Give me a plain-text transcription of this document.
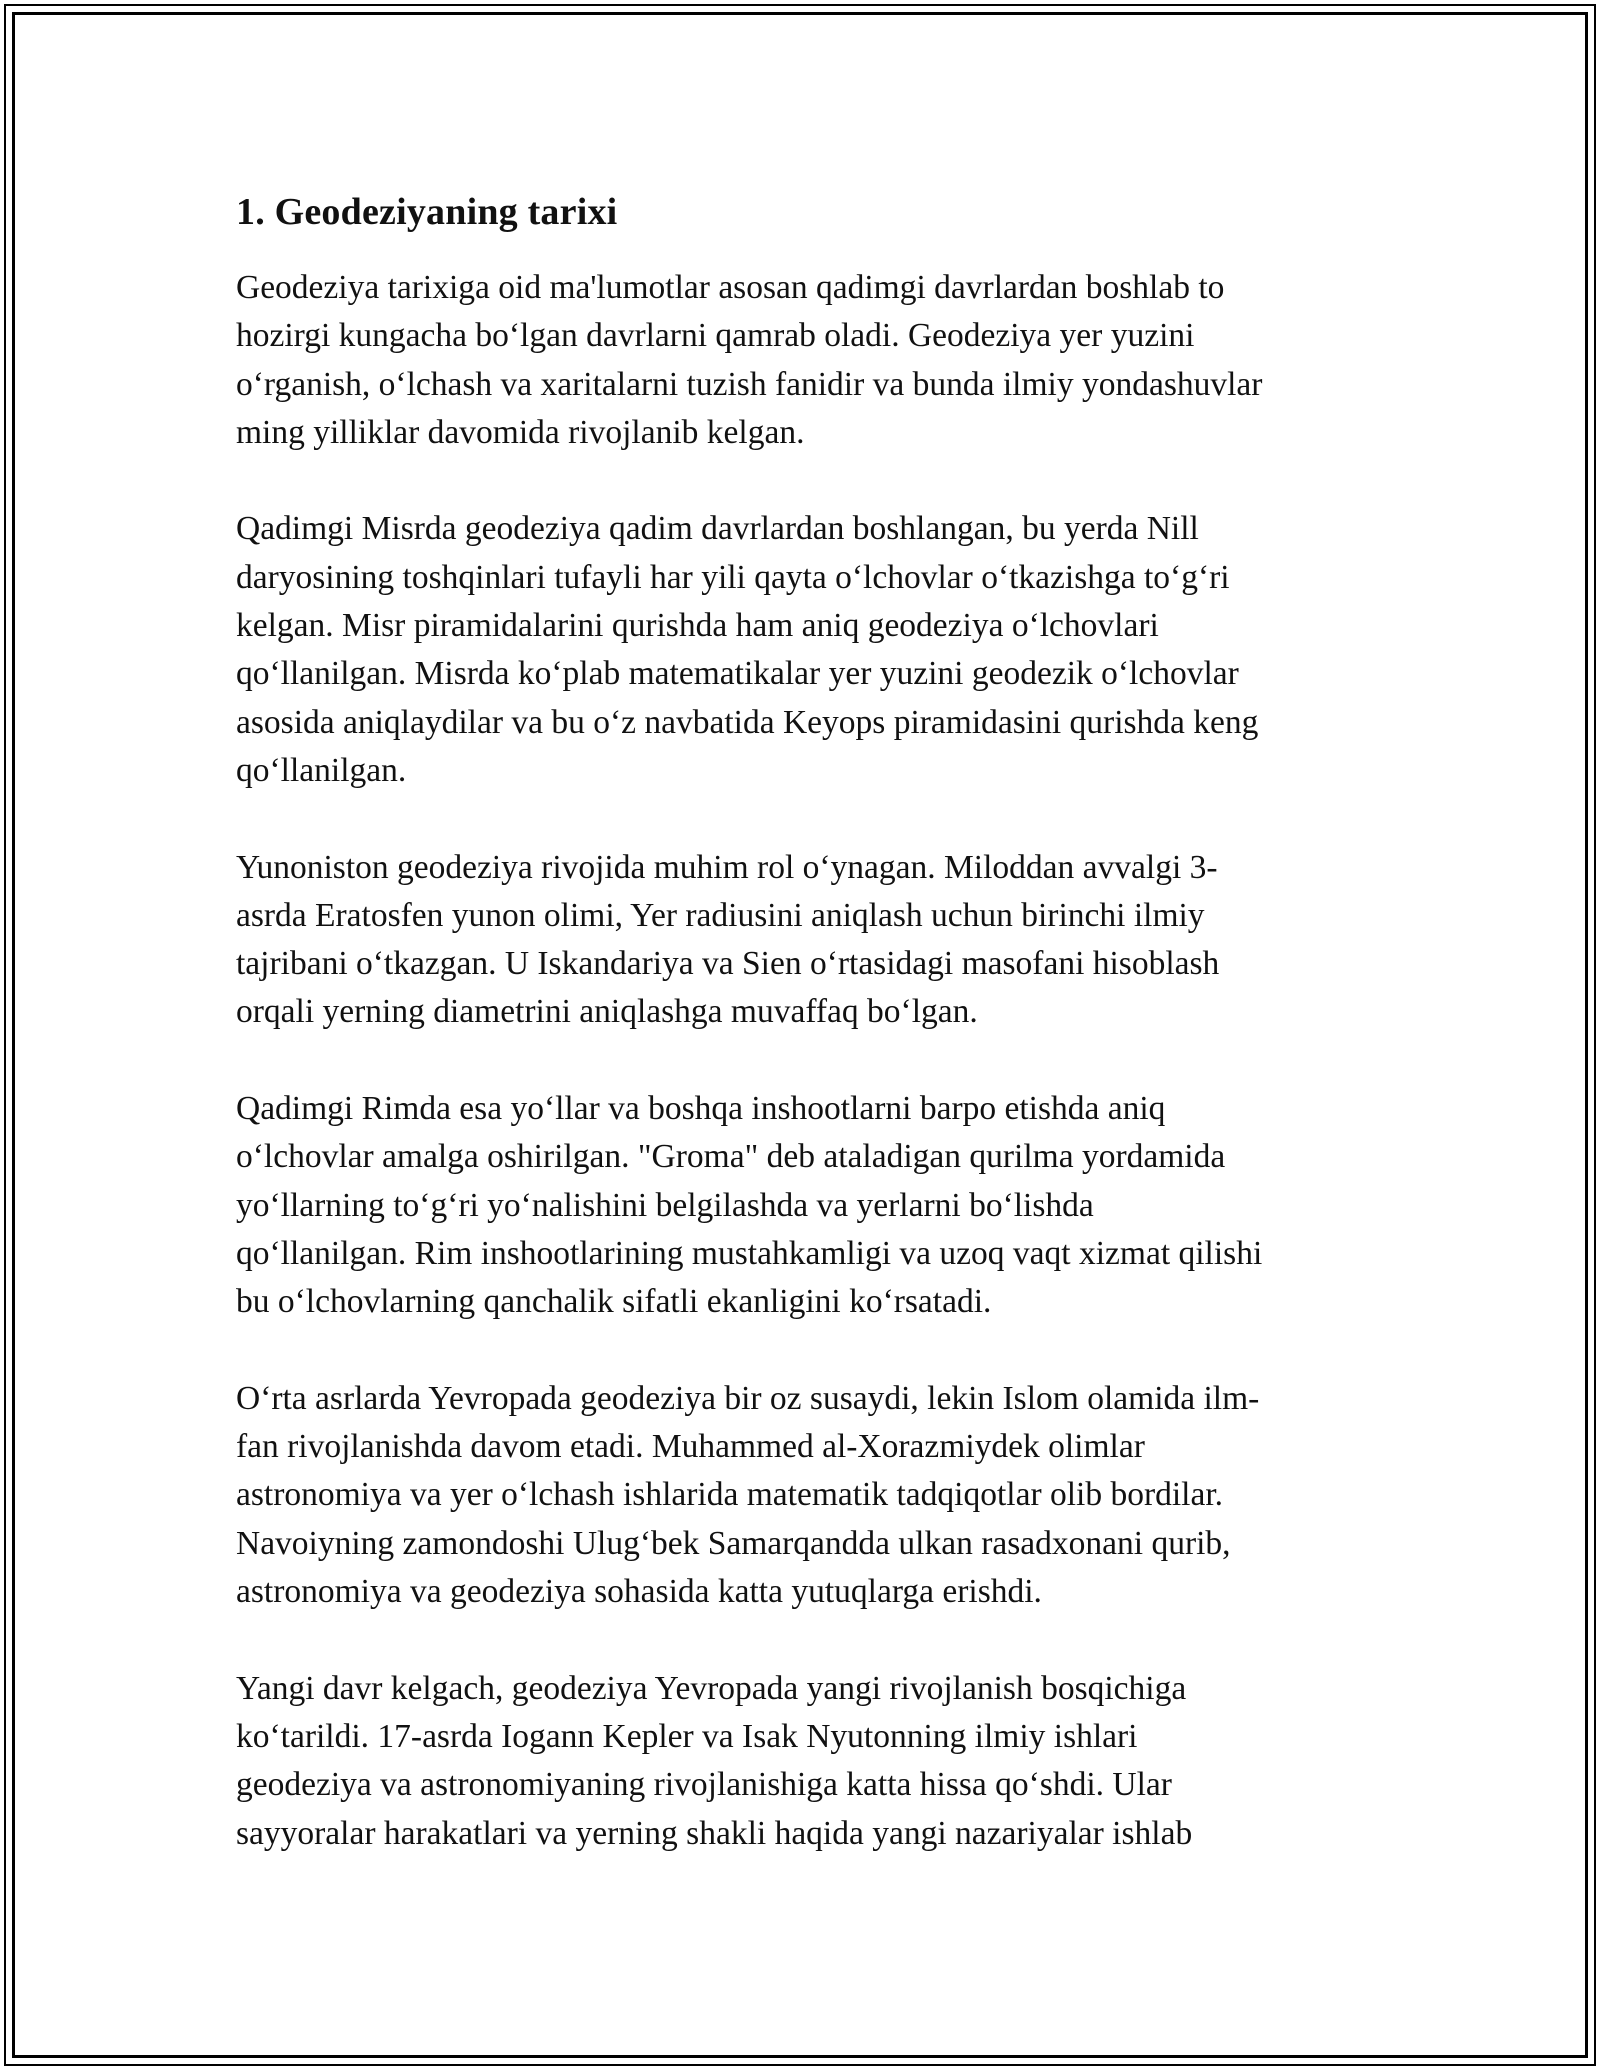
1. Geodeziyaning tarixi

Geodeziya tarixiga oid ma'lumotlar asosan qadimgi davrlardan boshlab to
hozirgi kungacha bo‘lgan davrlarni qamrab oladi. Geodeziya yer yuzini
o‘rganish, o‘lchash va xaritalarni tuzish fanidir va bunda ilmiy yondashuvlar
ming yilliklar davomida rivojlanib kelgan.

Qadimgi Misrda geodeziya qadim davrlardan boshlangan, bu yerda Nill
daryosining toshqinlari tufayli har yili qayta o‘lchovlar o‘tkazishga to‘g‘ri
kelgan. Misr piramidalarini qurishda ham aniq geodeziya o‘lchovlari
qo‘llanilgan. Misrda ko‘plab matematikalar yer yuzini geodezik o‘lchovlar
asosida aniqlaydilar va bu o‘z navbatida Keyops piramidasini qurishda keng
qo‘llanilgan.

Yunoniston geodeziya rivojida muhim rol o‘ynagan. Miloddan avvalgi 3-
asrda Eratosfen yunon olimi, Yer radiusini aniqlash uchun birinchi ilmiy
tajribani o‘tkazgan. U Iskandariya va Sien o‘rtasidagi masofani hisoblash
orqali yerning diametrini aniqlashga muvaffaq bo‘lgan.

Qadimgi Rimda esa yo‘llar va boshqa inshootlarni barpo etishda aniq
o‘lchovlar amalga oshirilgan. "Groma" deb ataladigan qurilma yordamida
yo‘llarning to‘g‘ri yo‘nalishini belgilashda va yerlarni bo‘lishda
qo‘llanilgan. Rim inshootlarining mustahkamligi va uzoq vaqt xizmat qilishi
bu o‘lchovlarning qanchalik sifatli ekanligini ko‘rsatadi.

O‘rta asrlarda Yevropada geodeziya bir oz susaydi, lekin Islom olamida ilm-
fan rivojlanishda davom etadi. Muhammed al-Xorazmiydek olimlar
astronomiya va yer o‘lchash ishlarida matematik tadqiqotlar olib bordilar.
Navoiyning zamondoshi Ulug‘bek Samarqandda ulkan rasadxonani qurib,
astronomiya va geodeziya sohasida katta yutuqlarga erishdi.

Yangi davr kelgach, geodeziya Yevropada yangi rivojlanish bosqichiga
ko‘tarildi. 17-asrda Iogann Kepler va Isak Nyutonning ilmiy ishlari
geodeziya va astronomiyaning rivojlanishiga katta hissa qo‘shdi. Ular
sayyoralar harakatlari va yerning shakli haqida yangi nazariyalar ishlab
